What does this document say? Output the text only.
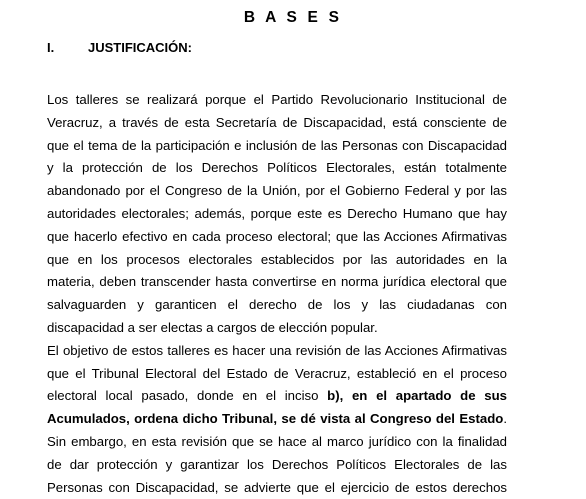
B A S E S
I.	JUSTIFICACIÓN:
Los talleres se realizará porque el Partido Revolucionario Institucional de
Veracruz, a través de esta Secretaría de Discapacidad, está consciente de
que el tema de la participación e inclusión de las Personas con Discapacidad
y la protección de los Derechos Políticos Electorales, están totalmente
abandonado por el Congreso de la Unión, por el Gobierno Federal y por las
autoridades electorales; además, porque este es Derecho Humano que hay
que hacerlo efectivo en cada proceso electoral; que las Acciones Afirmativas
que en los procesos electorales establecidos por las autoridades en la
materia, deben transcender hasta convertirse en norma jurídica electoral que
salvaguarden y garanticen el derecho de los y las ciudadanas con
discapacidad a ser electas a cargos de elección popular.
El objetivo de estos talleres es hacer una revisión de las Acciones Afirmativas
que el Tribunal Electoral del Estado de Veracruz, estableció en el proceso
electoral local pasado, donde en el inciso b), en el apartado de sus
Acumulados, ordena dicho Tribunal, se dé vista al Congreso del Estado.
Sin embargo, en esta revisión que se hace al marco jurídico con la finalidad
de dar protección y garantizar los Derechos Políticos Electorales de las
Personas con Discapacidad, se advierte que el ejercicio de estos derechos
